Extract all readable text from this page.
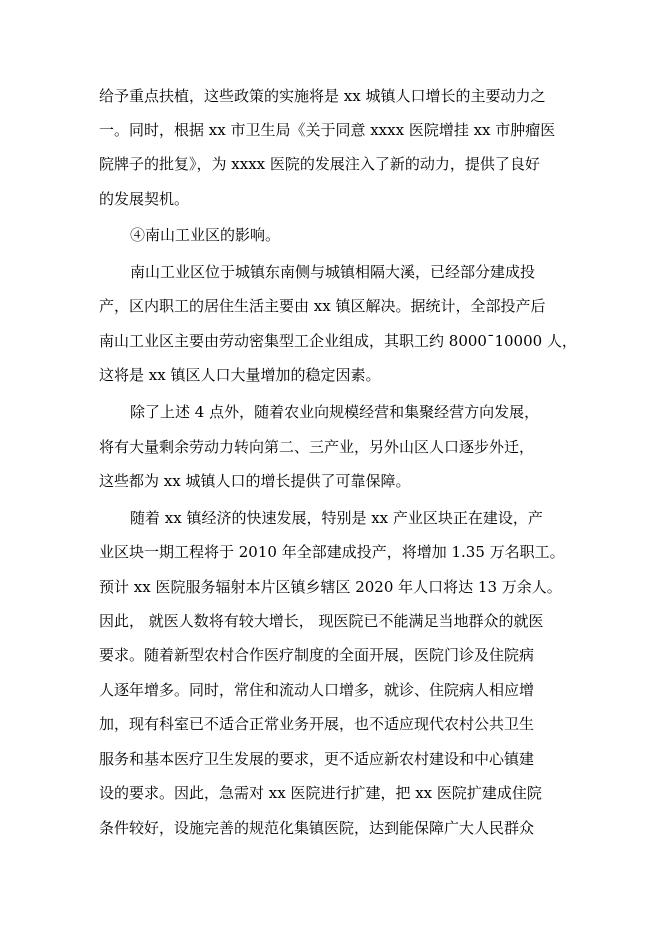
给予重点扶植，这些政策的实施将是 xx 城镇人口增长的主要动力之

一。同时，根据 xx 市卫生局《关于同意 xxxx 医院增挂 xx 市肿瘤医

院牌子的批复》，为 xxxx 医院的发展注入了新的动力，提供了良好

的发展契机。

④南山工业区的影响。

南山工业区位于城镇东南侧与城镇相隔大溪，已经部分建成投

产，区内职工的居住生活主要由 xx 镇区解决。据统计，全部投产后

南山工业区主要由劳动密集型工企业组成，其职工约 8000¯10000 人，

这将是 xx 镇区人口大量增加的稳定因素。

除了上述 4 点外，随着农业向规模经营和集聚经营方向发展，

将有大量剩余劳动力转向第二、三产业，另外山区人口逐步外迁，

这些都为 xx 城镇人口的增长提供了可靠保障。

随着 xx 镇经济的快速发展，特别是 xx 产业区块正在建设，产

业区块一期工程将于 2010 年全部建成投产，将增加 1.35 万名职工。

预计 xx 医院服务辐射本片区镇乡辖区 2020 年人口将达 13 万余人。

因此， 就医人数将有较大增长， 现医院已不能满足当地群众的就医

要求。随着新型农村合作医疗制度的全面开展，医院门诊及住院病

人逐年增多。同时，常住和流动人口增多，就诊、住院病人相应增

加，现有科室已不适合正常业务开展，也不适应现代农村公共卫生

服务和基本医疗卫生发展的要求，更不适应新农村建设和中心镇建

设的要求。因此，急需对 xx 医院进行扩建，把 xx 医院扩建成住院

条件较好，设施完善的规范化集镇医院，达到能保障广大人民群众
